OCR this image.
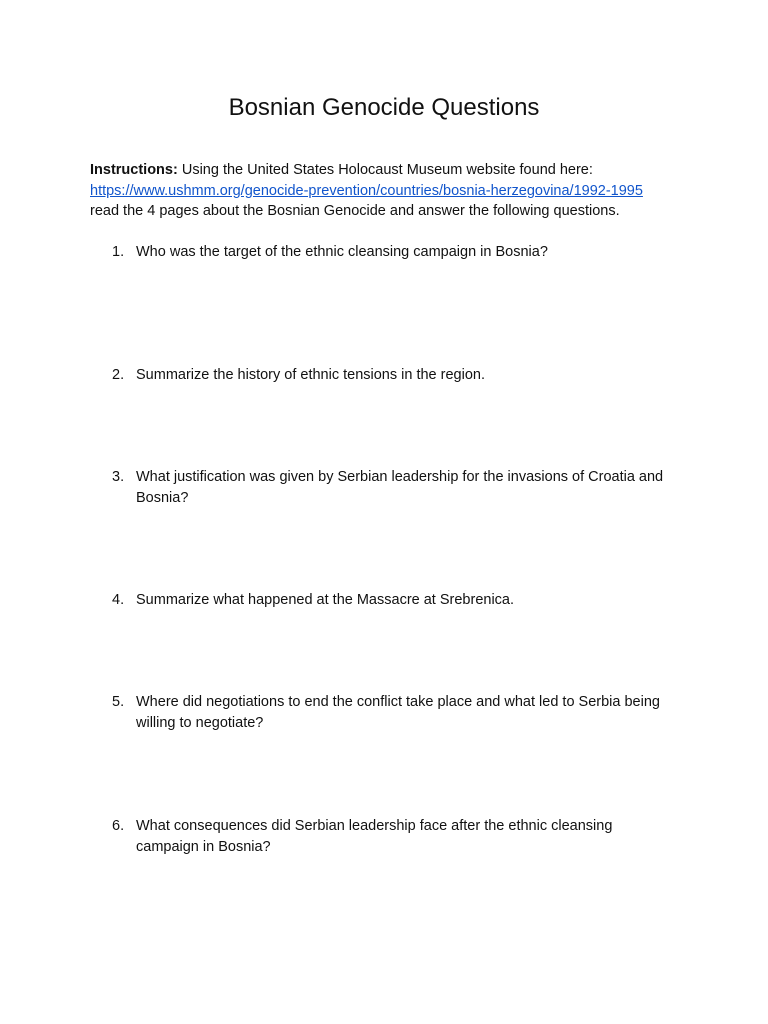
Bosnian Genocide Questions

Instructions: Using the United States Holocaust Museum website found here:
https://www.ushmm.org/genocide-prevention/countries/bosnia-herzegovina/1992-1995
read the 4 pages about the Bosnian Genocide and answer the following questions.

1. Who was the target of the ethnic cleansing campaign in Bosnia?
2. Summarize the history of ethnic tensions in the region.
3. What justification was given by Serbian leadership for the invasions of Croatia and Bosnia?
4. Summarize what happened at the Massacre at Srebrenica.
5. Where did negotiations to end the conflict take place and what led to Serbia being willing to negotiate?
6. What consequences did Serbian leadership face after the ethnic cleansing campaign in Bosnia?
